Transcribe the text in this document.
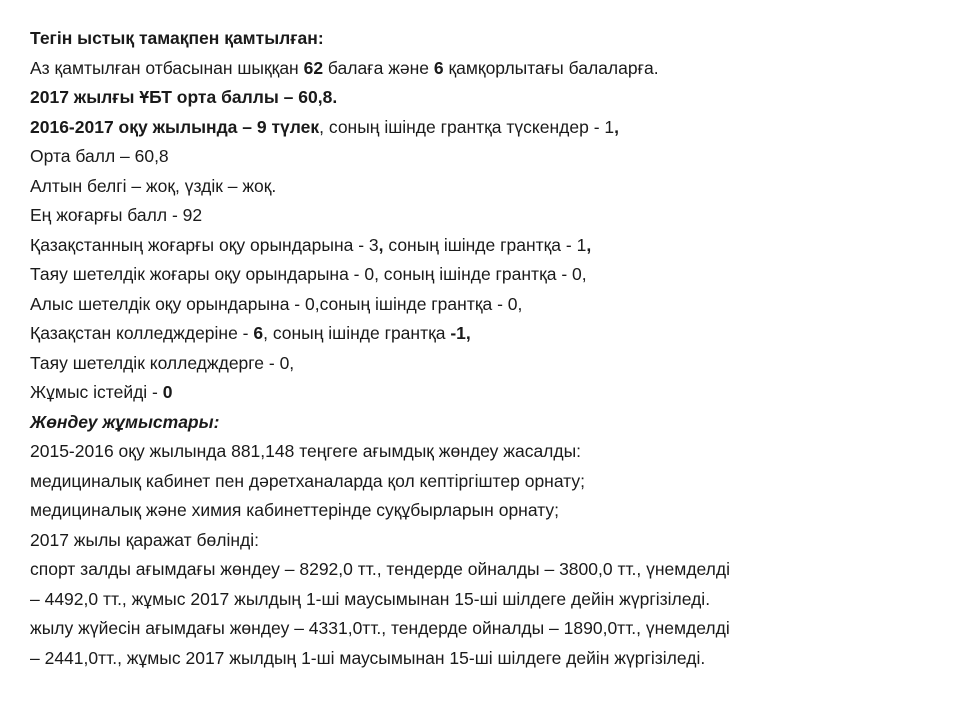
Тегін ыстық тамақпен қамтылған:
Аз қамтылған отбасынан шыққан 62 балаға және 6 қамқорлытағы балаларға.
2017 жылғы ҰБТ орта баллы – 60,8.
2016-2017 оқу жылында – 9 түлек, соның ішінде грантқа түскендер - 1,
Орта балл – 60,8
Алтын белгі – жоқ, үздік – жоқ.
Ең жоғарғы балл - 92
Қазақстанның жоғарғы оқу орындарына - 3, соның ішінде грантқа - 1,
Таяу шетелдік жоғары оқу орындарына - 0, соның ішінде грантқа - 0,
Алыс шетелдік оқу орындарына - 0,соның ішінде грантқа - 0,
Қазақстан колледждеріне - 6, соның ішінде грантқа -1,
Таяу шетелдік колледждерге - 0,
Жұмыс істейді - 0
Жөндеу жұмыстары:
2015-2016 оқу жылында 881,148 теңгеге ағымдық жөндеу жасалды:
медициналық кабинет пен дәретханаларда қол кептіргіштер орнату;
медициналық және химия кабинеттерінде суқұбырларын орнату;
2017 жылы қаражат бөлінді:
спорт залды ағымдағы жөндеу – 8292,0 тт., тендерде ойналды – 3800,0 тт., үнемделді
– 4492,0 тт., жұмыс 2017 жылдың 1-ші маусымынан 15-ші шілдеге дейін жүргізіледі.
жылу жүйесін ағымдағы жөндеу – 4331,0тт., тендерде ойналды – 1890,0тт., үнемделді
– 2441,0тт., жұмыс 2017 жылдың 1-ші маусымынан 15-ші шілдеге дейін жүргізіледі.
